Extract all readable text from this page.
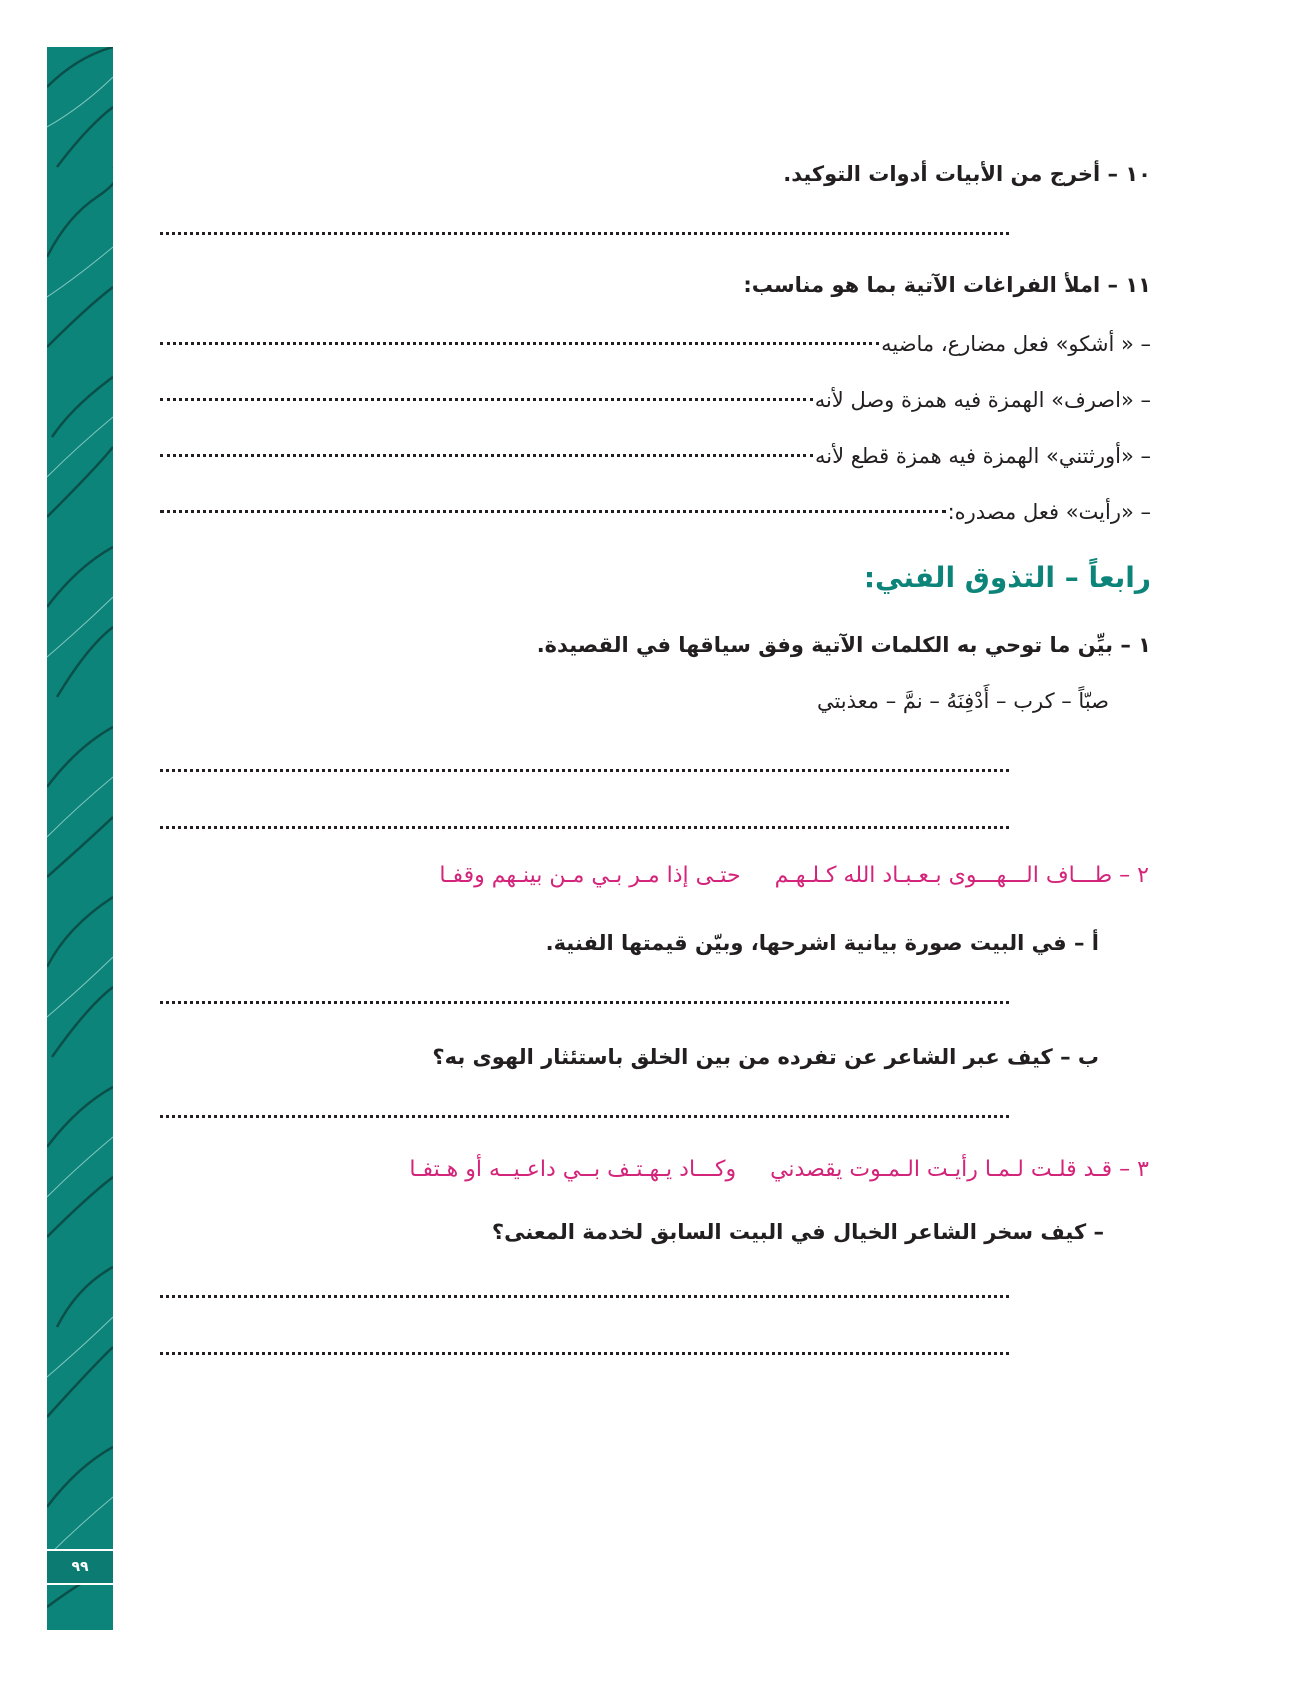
٩٩
١٠ – أخرج من الأبيات أدوات التوكيد.
١١ – املأ الفراغات الآتية بما هو مناسب:
– « أشكو» فعل مضارع، ماضيه
– «اصرف» الهمزة فيه همزة وصل لأنه
– «أورثتني» الهمزة فيه همزة قطع لأنه
– «رأيت» فعل مصدره:
رابعاً – التذوق الفني:
١ – بيِّن ما توحي به الكلمات الآتية وفق سياقها في القصيدة.
صبّاً – كرب – أَدْفِنَهُ – نمَّ – معذبتي
٢ – طـــاف الـــهـــوى بـعـبـاد الله كـلـهـمحتـى إذا مـر بـي مـن بينـهم وقفـا
أ – في البيت صورة بيانية اشرحها، وبيّن قيمتها الفنية.
ب – كيف عبر الشاعر عن تفرده من بين الخلق باستئثار الهوى به؟
٣ – قـد قلـت لـمـا رأيـت الـمـوت يقصدنيوكـــاد يـهـتـف بــي داعـيــه أو هـتفـا
– كيف سخر الشاعر الخيال في البيت السابق لخدمة المعنى؟
